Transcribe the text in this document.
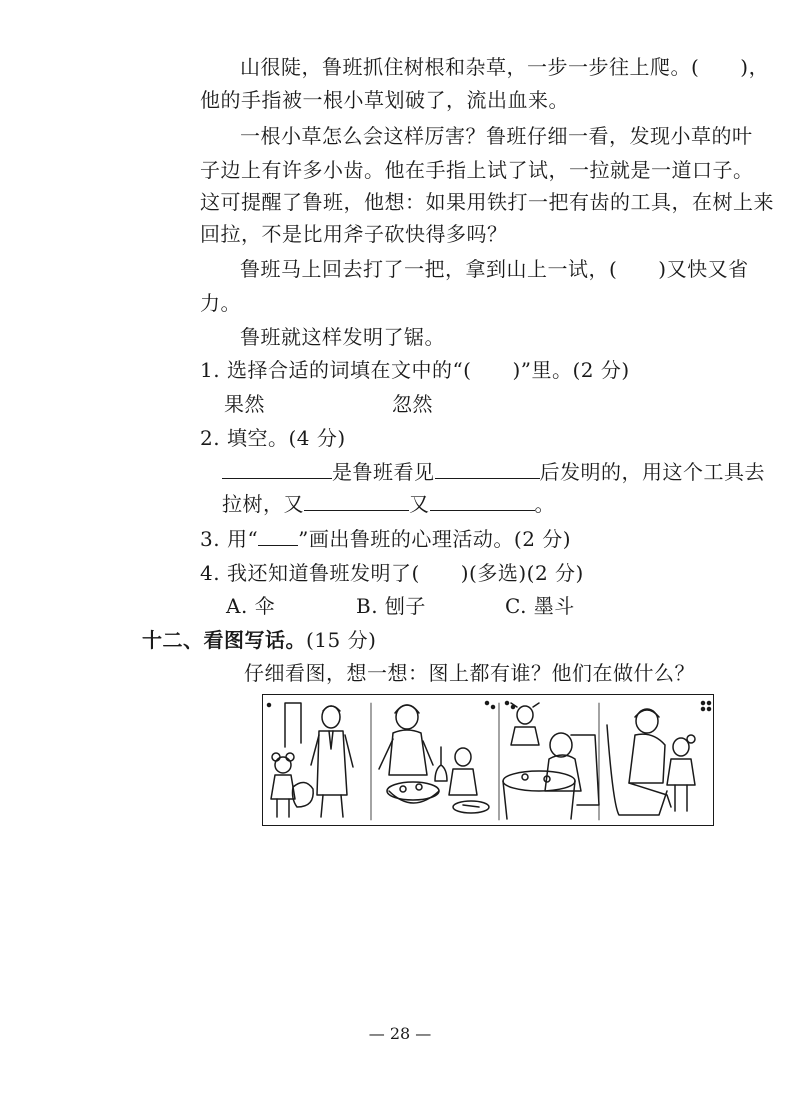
山很陡，鲁班抓住树根和杂草，一步一步往上爬。(　　)，
他的手指被一根小草划破了，流出血来。
一根小草怎么会这样厉害？鲁班仔细一看，发现小草的叶
子边上有许多小齿。他在手指上试了试，一拉就是一道口子。
这可提醒了鲁班，他想：如果用铁打一把有齿的工具，在树上来
回拉，不是比用斧子砍快得多吗？
鲁班马上回去打了一把，拿到山上一试，(　　)又快又省
力。
鲁班就这样发明了锯。
1. 选择合适的词填在文中的“(　　)”里。(2 分)
果然	忽然
2. 填空。(4 分)
是鲁班看见	后发明的，用这个工具去
拉树，又	又	。
3. 用“ ”画出鲁班的心理活动。(2 分)
4. 我还知道鲁班发明了(　　)(多选)(2 分)
A. 伞	B. 刨子	C. 墨斗
十二、看图写话。(15 分)
仔细看图，想一想：图上都有谁？他们在做什么？
— 28 —
